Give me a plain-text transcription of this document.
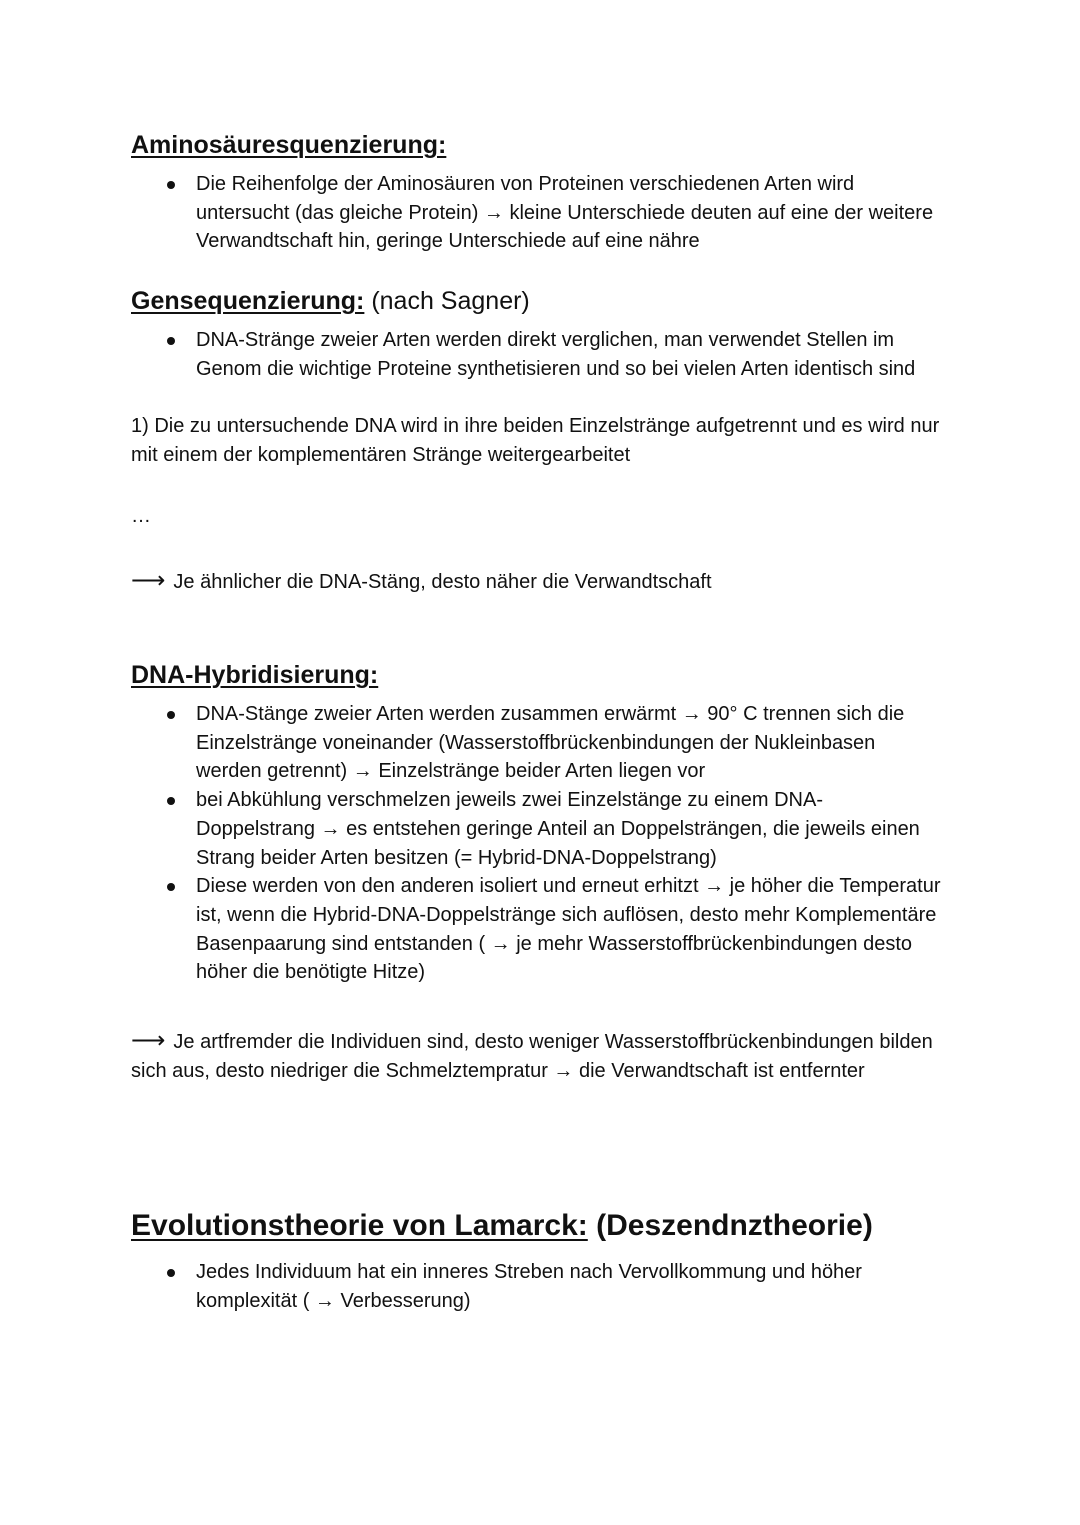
Aminosäuresquenzierung:
Die Reihenfolge der Aminosäuren von Proteinen verschiedenen Arten wird untersucht (das gleiche Protein) → kleine Unterschiede deuten auf eine der weitere Verwandtschaft hin, geringe Unterschiede auf eine nähre
Gensequenzierung: (nach Sagner)
DNA-Stränge zweier Arten werden direkt verglichen, man verwendet Stellen im Genom die wichtige Proteine synthetisieren und so bei vielen Arten identisch sind
1) Die zu untersuchende DNA wird in ihre beiden Einzelstränge aufgetrennt und es wird nur mit einem der komplementären Stränge weitergearbeitet
…
⟶ Je ähnlicher die DNA-Stäng, desto näher die Verwandtschaft
DNA-Hybridisierung:
DNA-Stänge zweier Arten werden zusammen erwärmt → 90° C trennen sich die Einzelstränge voneinander (Wasserstoffbrückenbindungen der Nukleinbasen werden getrennt) → Einzelstränge beider Arten liegen vor
bei Abkühlung verschmelzen jeweils zwei Einzelstänge zu einem DNA-Doppelstrang → es entstehen geringe Anteil an Doppelsträngen, die jeweils einen Strang beider Arten besitzen (= Hybrid-DNA-Doppelstrang)
Diese werden von den anderen isoliert und erneut erhitzt → je höher die Temperatur ist, wenn die Hybrid-DNA-Doppelstränge sich auflösen, desto mehr Komplementäre Basenpaarung sind entstanden ( → je mehr Wasserstoffbrückenbindungen desto höher die benötigte Hitze)
⟶ Je artfremder die Individuen sind, desto weniger Wasserstoffbrückenbindungen bilden sich aus, desto niedriger die Schmelztempratur → die Verwandtschaft ist entfernter
Evolutionstheorie von Lamarck: (Deszendnztheorie)
Jedes Individuum hat ein inneres Streben nach Vervollkommung und höher komplexität ( → Verbesserung)
